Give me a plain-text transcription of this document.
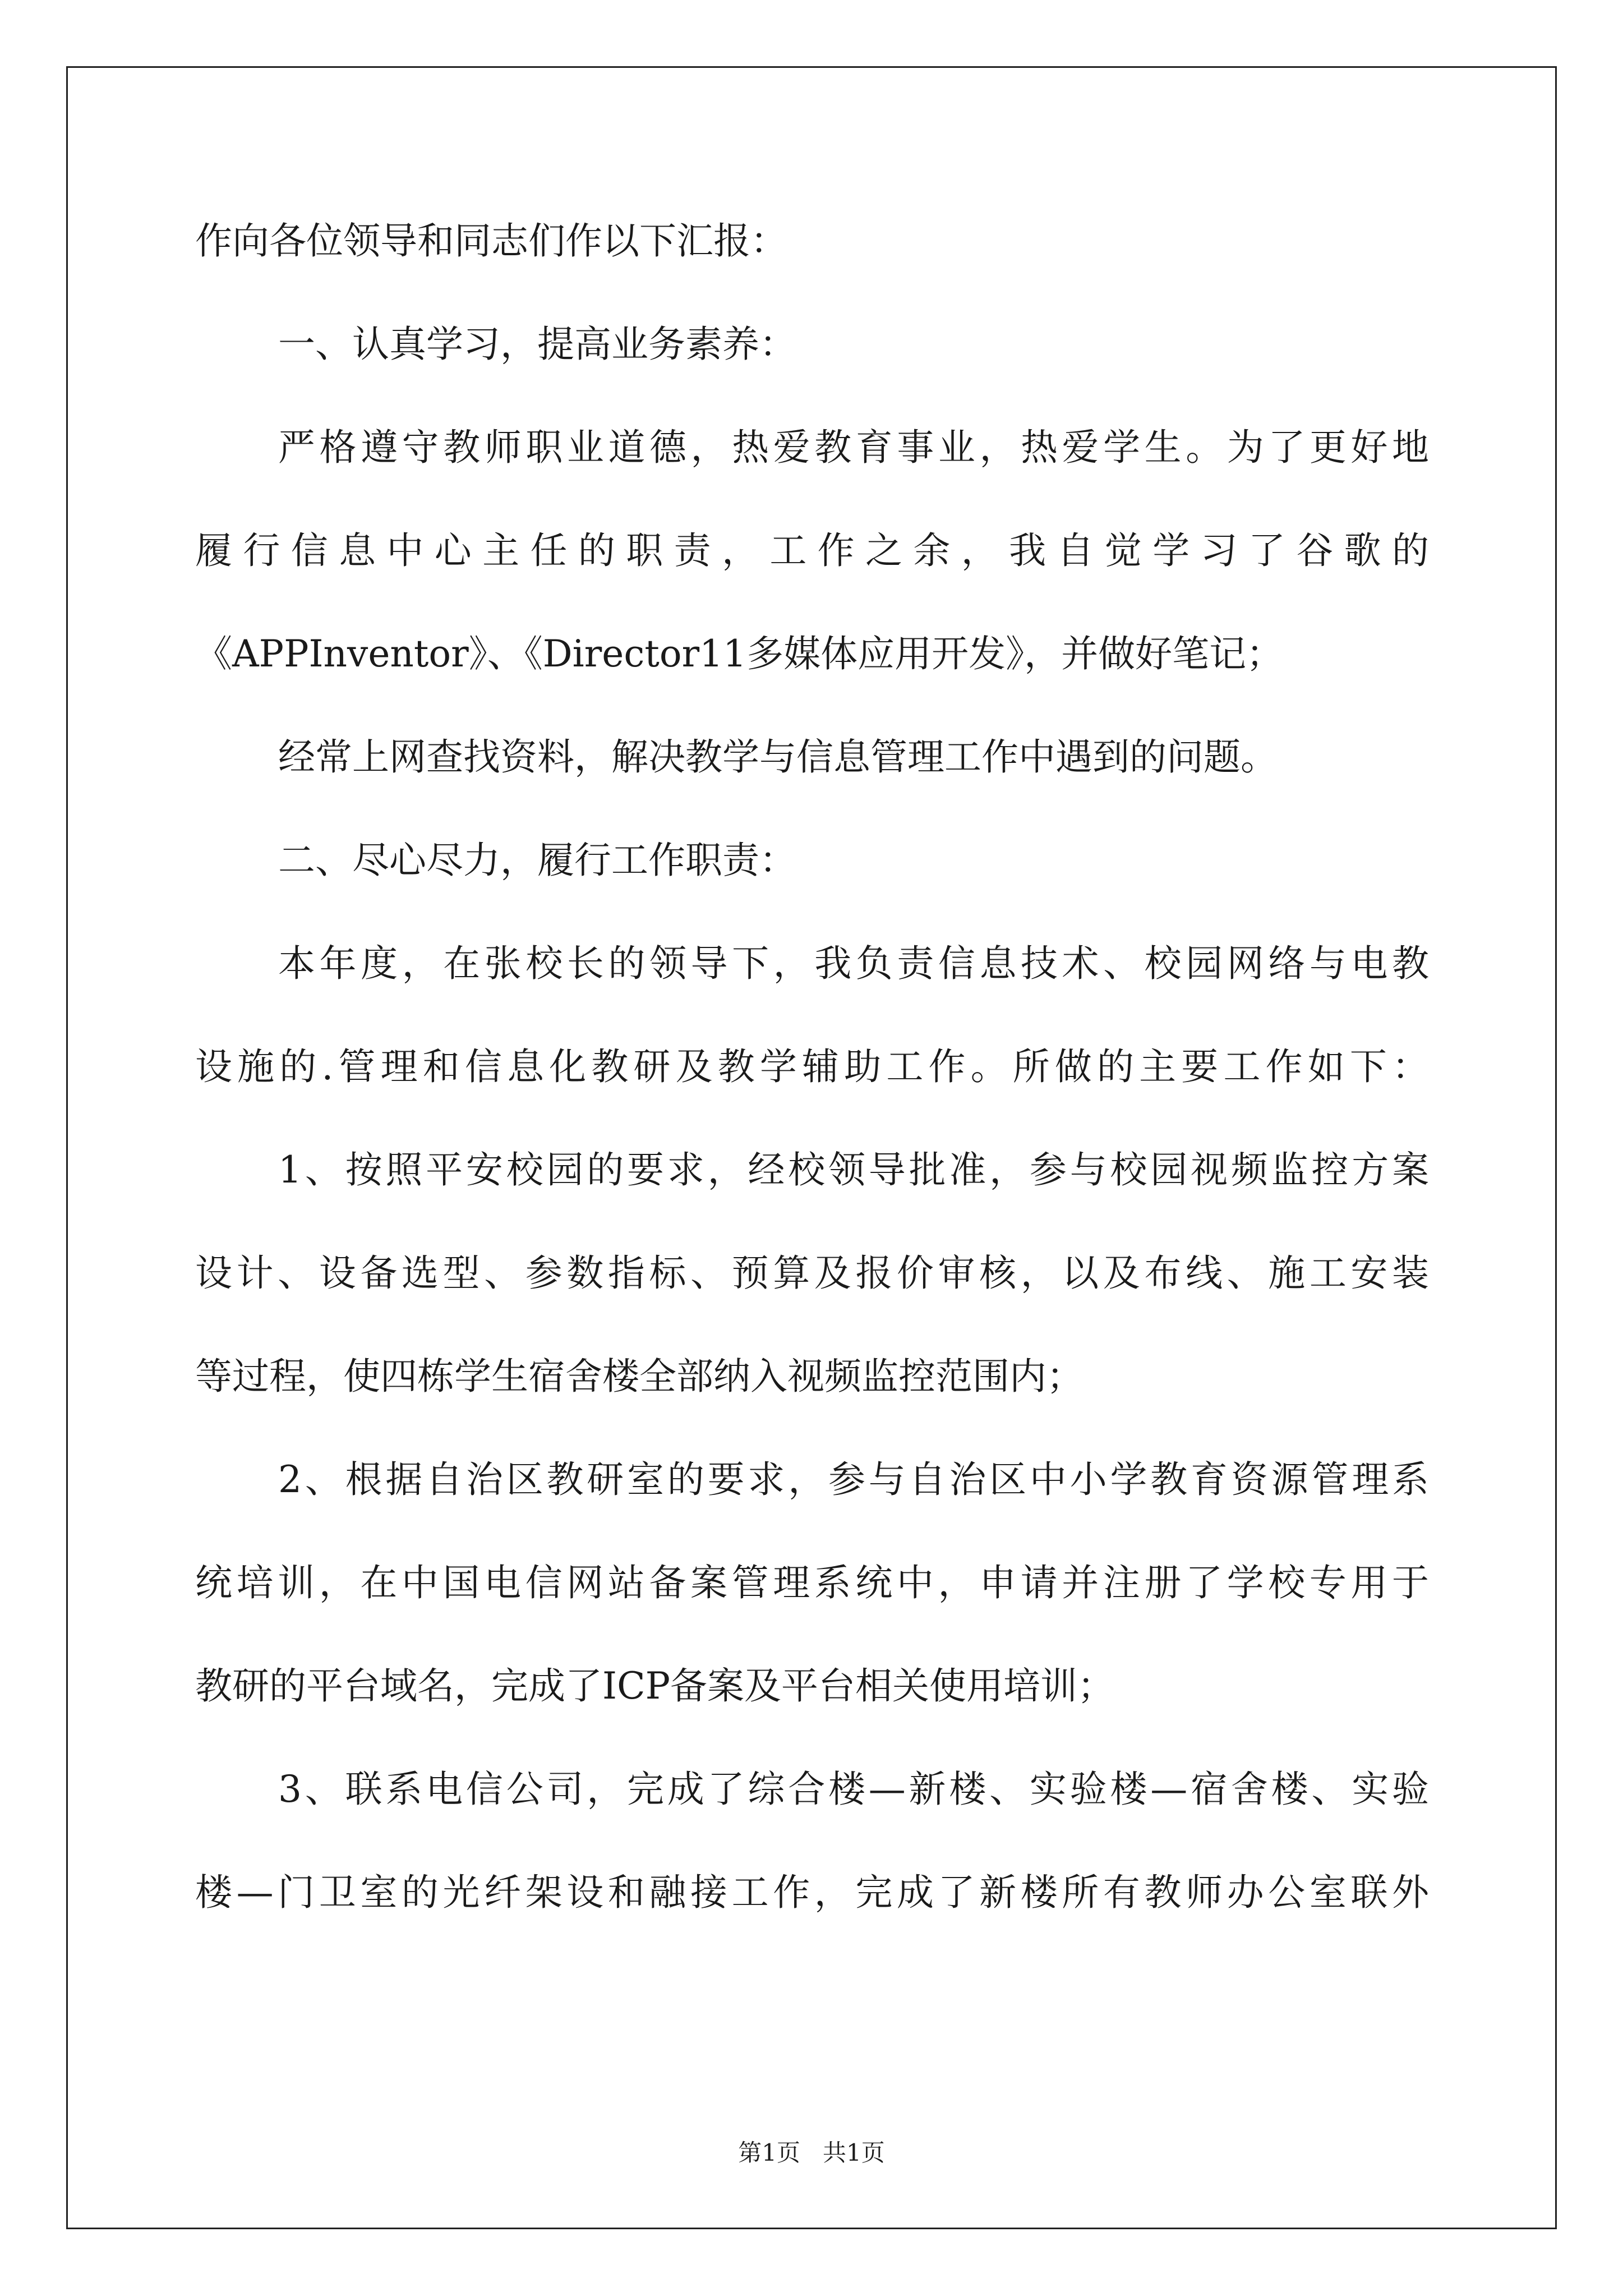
作向各位领导和同志们作以下汇报：

一、认真学习，提高业务素养：

严格遵守教师职业道德，热爱教育事业，热爱学生。为了更好地

履行信息中心主任的职责，工作之余，我自觉学习了谷歌的

《APPInventor》、《Director11多媒体应用开发》，并做好笔记；

经常上网查找资料，解决教学与信息管理工作中遇到的问题。

二、尽心尽力，履行工作职责：

本年度，在张校长的领导下，我负责信息技术、校园网络与电教

设施的.管理和信息化教研及教学辅助工作。所做的主要工作如下：

1、按照平安校园的要求，经校领导批准，参与校园视频监控方案

设计、设备选型、参数指标、预算及报价审核，以及布线、施工安装

等过程，使四栋学生宿舍楼全部纳入视频监控范围内；

2、根据自治区教研室的要求，参与自治区中小学教育资源管理系

统培训，在中国电信网站备案管理系统中，申请并注册了学校专用于

教研的平台域名，完成了ICP备案及平台相关使用培训；

3、联系电信公司，完成了综合楼—新楼、实验楼—宿舍楼、实验

楼—门卫室的光纤架设和融接工作，完成了新楼所有教师办公室联外

第1页 共1页
